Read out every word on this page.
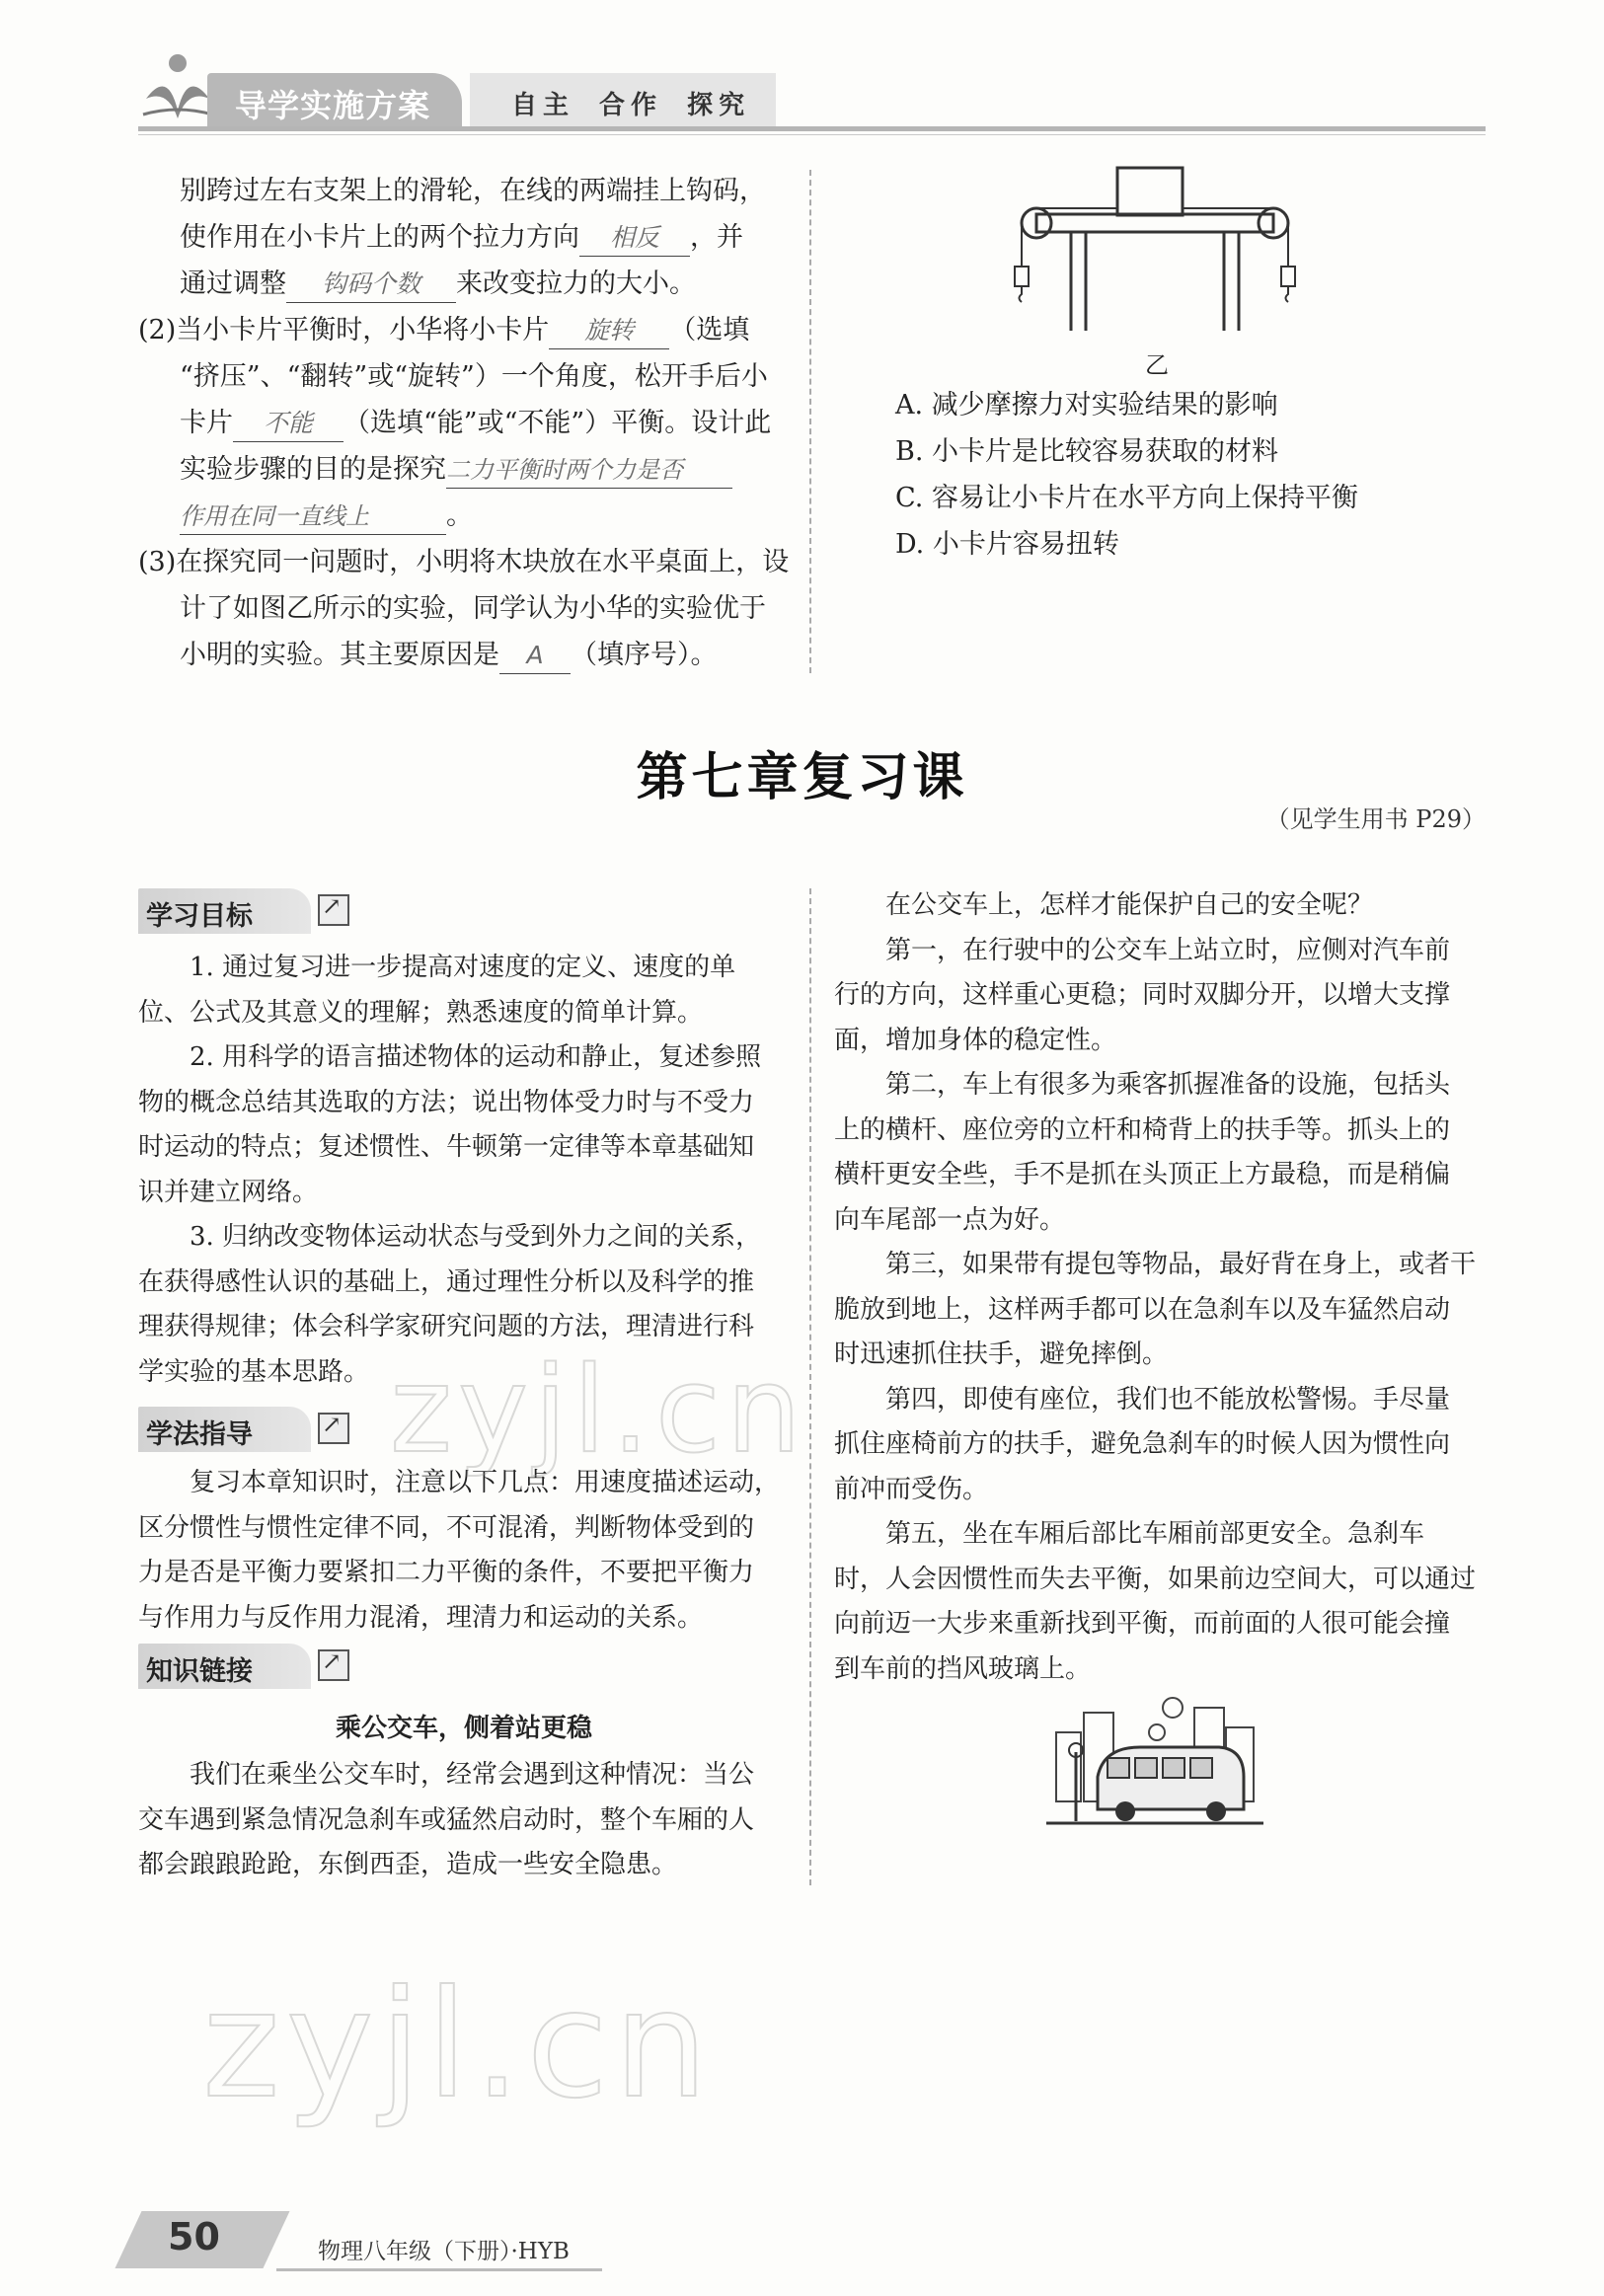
导学实施方案	自主 合作 探究
别跨过左右支架上的滑轮，在线的两端挂上钩码，
使作用在小卡片上的两个拉力方向 相反 ，并
通过调整 钩码个数 来改变拉力的大小。
(2)当小卡片平衡时，小华将小卡片 旋转 （选填
“挤压”、“翻转”或“旋转”）一个角度，松开手后小
卡片 不能 （选填“能”或“不能”）平衡。设计此
实验步骤的目的是探究二力平衡时两个力是否
作用在同一直线上	。
(3)在探究同一问题时，小明将木块放在水平桌面上，设
计了如图乙所示的实验，同学认为小华的实验优于
小明的实验。其主要原因是 A （填序号）。
乙
A. 减少摩擦力对实验结果的影响
B. 小卡片是比较容易获取的材料
C. 容易让小卡片在水平方向上保持平衡
D. 小卡片容易扭转
第七章复习课
（见学生用书 P29）
学习目标
↗
　　1. 通过复习进一步提高对速度的定义、速度的单
位、公式及其意义的理解；熟悉速度的简单计算。
　　2. 用科学的语言描述物体的运动和静止，复述参照
物的概念总结其选取的方法；说出物体受力时与不受力
时运动的特点；复述惯性、牛顿第一定律等本章基础知
识并建立网络。
　　3. 归纳改变物体运动状态与受到外力之间的关系，
在获得感性认识的基础上，通过理性分析以及科学的推
理获得规律；体会科学家研究问题的方法，理清进行科
学实验的基本思路。
学法指导
↗
　　复习本章知识时，注意以下几点：用速度描述运动，
区分惯性与惯性定律不同，不可混淆，判断物体受到的
力是否是平衡力要紧扣二力平衡的条件，不要把平衡力
与作用力与反作用力混淆，理清力和运动的关系。
知识链接
↗
乘公交车，侧着站更稳
　　我们在乘坐公交车时，经常会遇到这种情况：当公
交车遇到紧急情况急刹车或猛然启动时，整个车厢的人
都会踉踉跄跄，东倒西歪，造成一些安全隐患。
　　在公交车上，怎样才能保护自己的安全呢？
　　第一，在行驶中的公交车上站立时，应侧对汽车前
行的方向，这样重心更稳；同时双脚分开，以增大支撑
面，增加身体的稳定性。
　　第二，车上有很多为乘客抓握准备的设施，包括头
上的横杆、座位旁的立杆和椅背上的扶手等。抓头上的
横杆更安全些，手不是抓在头顶正上方最稳，而是稍偏
向车尾部一点为好。
　　第三，如果带有提包等物品，最好背在身上，或者干
脆放到地上，这样两手都可以在急刹车以及车猛然启动
时迅速抓住扶手，避免摔倒。
　　第四，即使有座位，我们也不能放松警惕。手尽量
抓住座椅前方的扶手，避免急刹车的时候人因为惯性向
前冲而受伤。
　　第五，坐在车厢后部比车厢前部更安全。急刹车
时，人会因惯性而失去平衡，如果前边空间大，可以通过
向前迈一大步来重新找到平衡，而前面的人很可能会撞
到车前的挡风玻璃上。
zyjl.cn
zyjl.cn
50	物理八年级（下册）·HYB
